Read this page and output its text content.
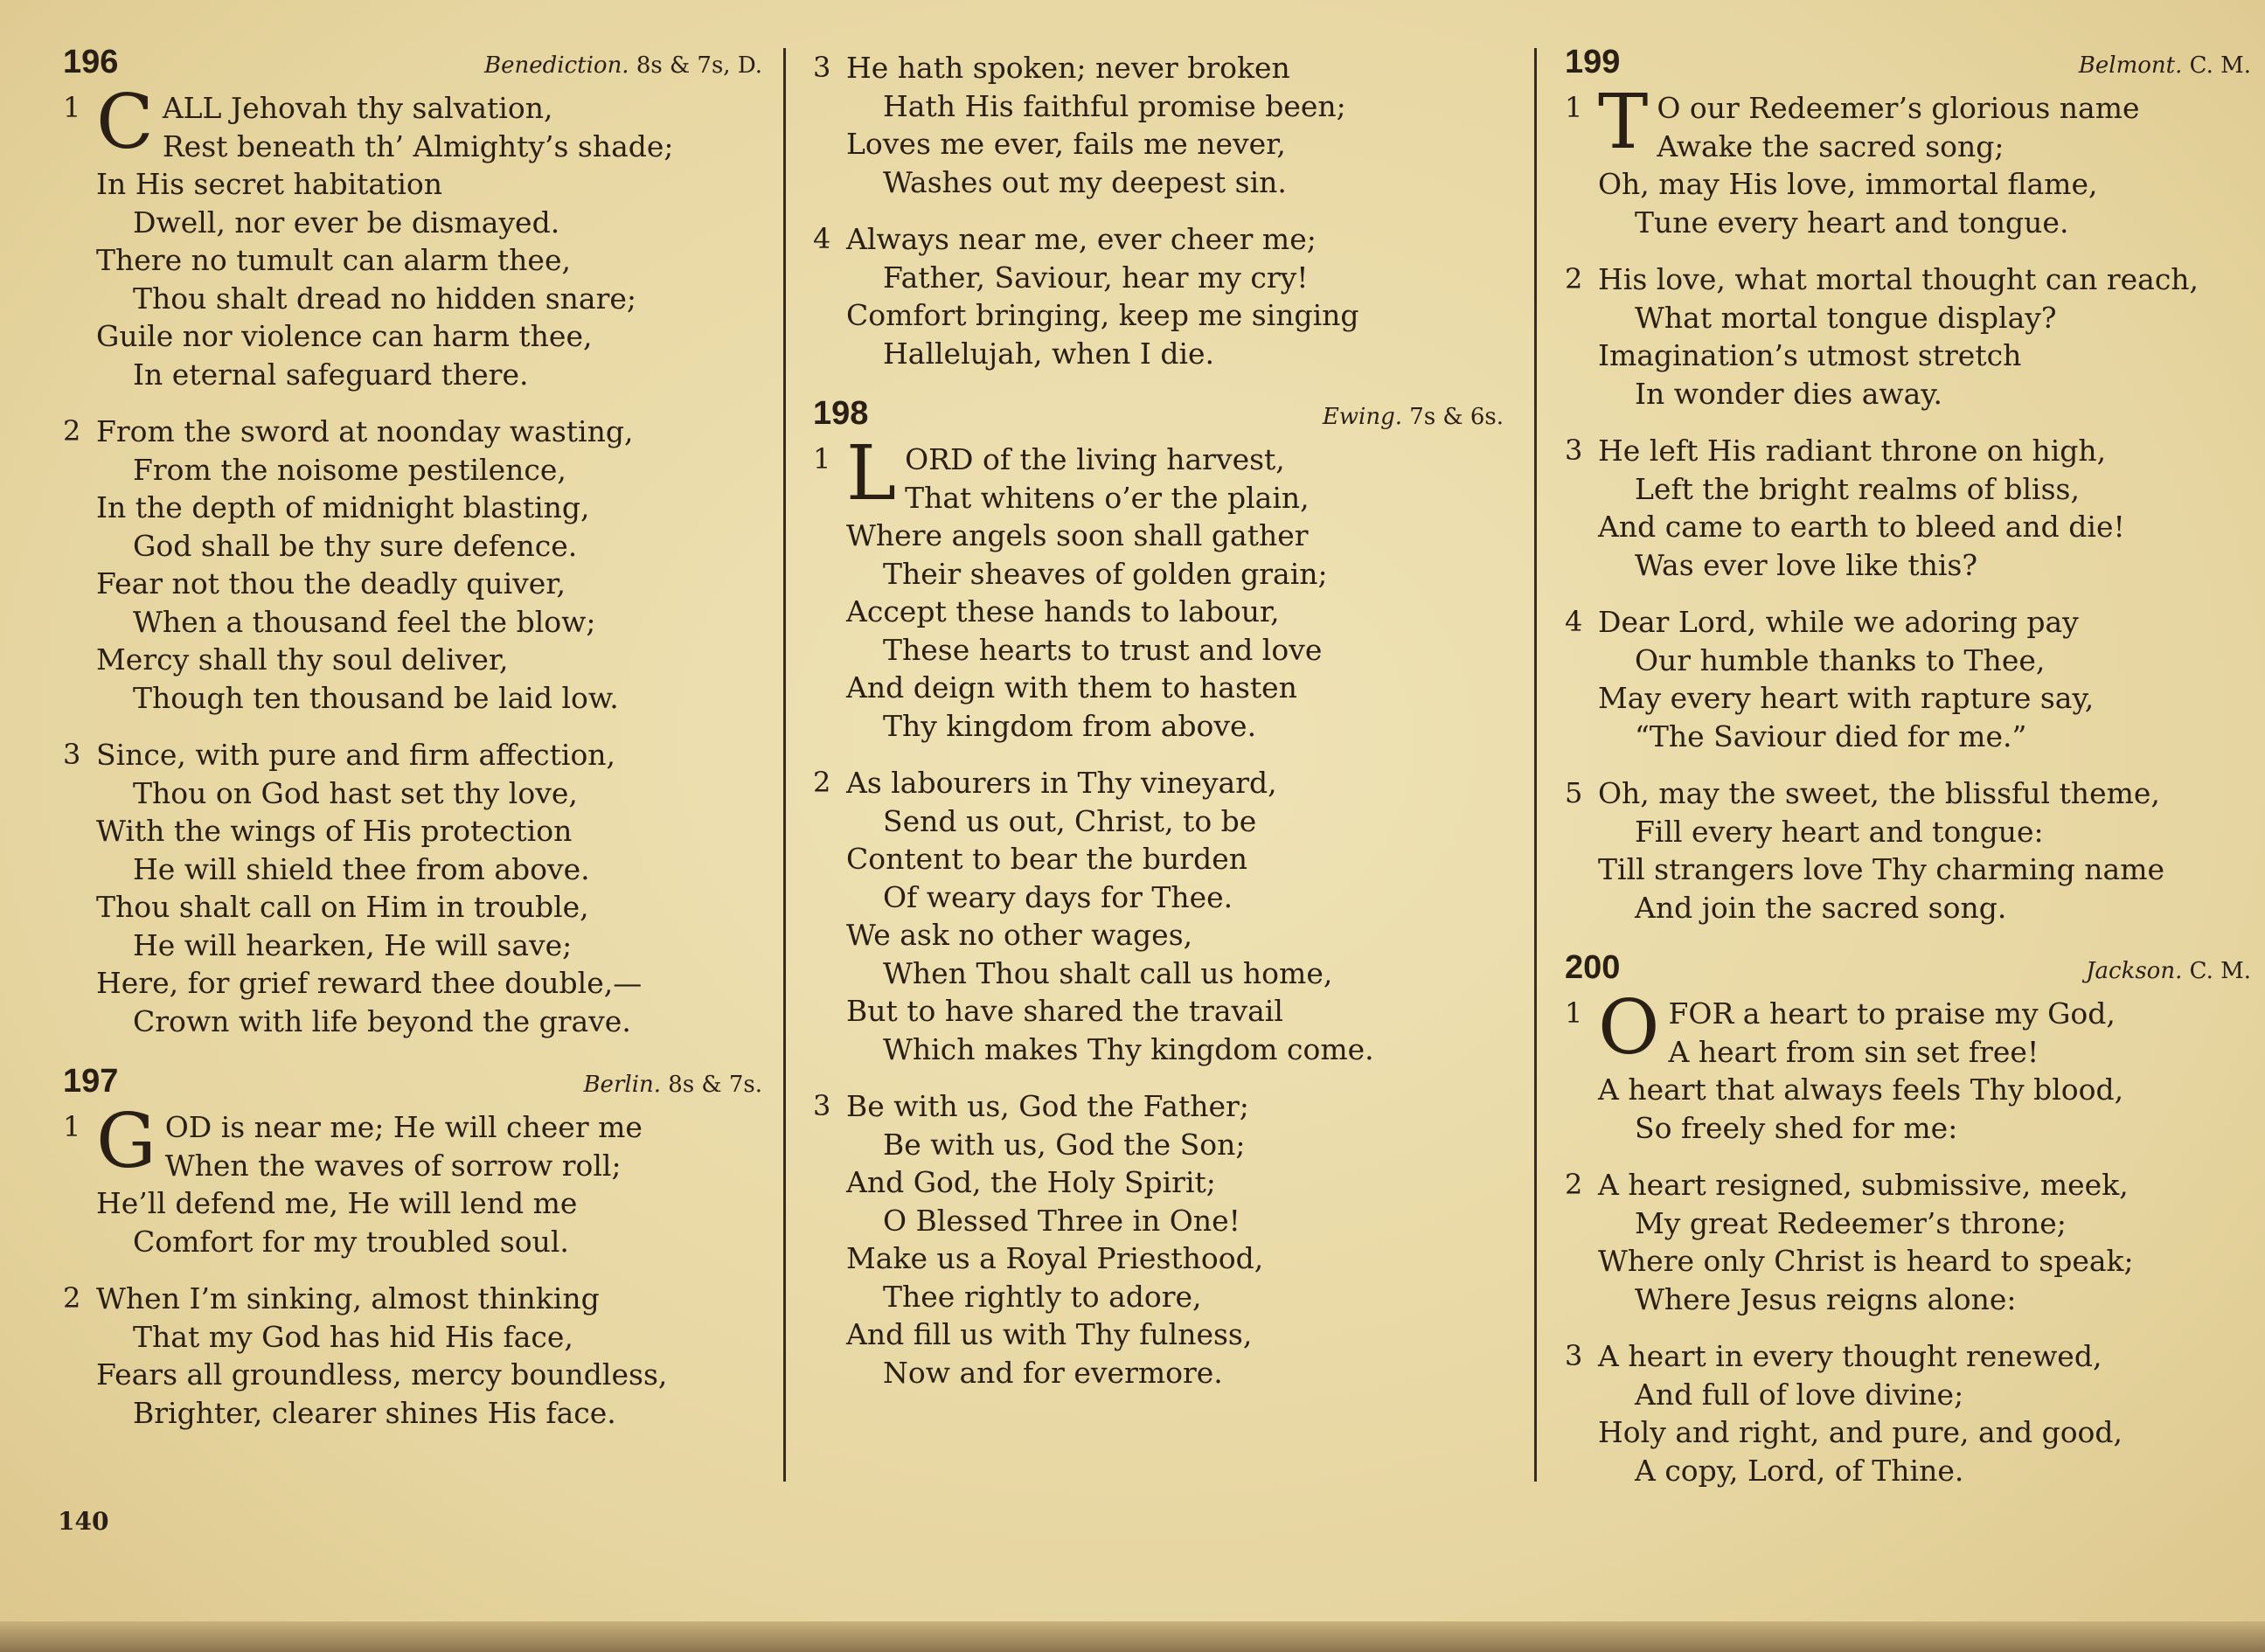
196	Benediction. 8s & 7s, D.
1 C ALL Jehovah thy salvation,
Rest beneath th’ Almighty’s shade;
In His secret habitation
Dwell, nor ever be dismayed.
There no tumult can alarm thee,
Thou shalt dread no hidden snare;
Guile nor violence can harm thee,
In eternal safeguard there.
2 From the sword at noonday wasting,
From the noisome pestilence,
In the depth of midnight blasting,
God shall be thy sure defence.
Fear not thou the deadly quiver,
When a thousand feel the blow;
Mercy shall thy soul deliver,
Though ten thousand be laid low.
3 Since, with pure and firm affection,
Thou on God hast set thy love,
With the wings of His protection
He will shield thee from above.
Thou shalt call on Him in trouble,
He will hearken, He will save;
Here, for grief reward thee double,—
Crown with life beyond the grave.
197	Berlin. 8s & 7s.
1 G OD is near me; He will cheer me
When the waves of sorrow roll;
He’ll defend me, He will lend me
Comfort for my troubled soul.
2 When I’m sinking, almost thinking
That my God has hid His face,
Fears all groundless, mercy boundless,
Brighter, clearer shines His face.
3 He hath spoken; never broken
Hath His faithful promise been;
Loves me ever, fails me never,
Washes out my deepest sin.
4 Always near me, ever cheer me;
Father, Saviour, hear my cry!
Comfort bringing, keep me singing
Hallelujah, when I die.
198	Ewing. 7s & 6s.
1 L ORD of the living harvest,
That whitens o’er the plain,
Where angels soon shall gather
Their sheaves of golden grain;
Accept these hands to labour,
These hearts to trust and love
And deign with them to hasten
Thy kingdom from above.
2 As labourers in Thy vineyard,
Send us out, Christ, to be
Content to bear the burden
Of weary days for Thee.
We ask no other wages,
When Thou shalt call us home,
But to have shared the travail
Which makes Thy kingdom come.
3 Be with us, God the Father;
Be with us, God the Son;
And God, the Holy Spirit;
O Blessed Three in One!
Make us a Royal Priesthood,
Thee rightly to adore,
And fill us with Thy fulness,
Now and for evermore.
199	Belmont. C. M.
1 T O our Redeemer’s glorious name
Awake the sacred song;
Oh, may His love, immortal flame,
Tune every heart and tongue.
2 His love, what mortal thought can reach,
What mortal tongue display?
Imagination’s utmost stretch
In wonder dies away.
3 He left His radiant throne on high,
Left the bright realms of bliss,
And came to earth to bleed and die!
Was ever love like this?
4 Dear Lord, while we adoring pay
Our humble thanks to Thee,
May every heart with rapture say,
“The Saviour died for me.”
5 Oh, may the sweet, the blissful theme,
Fill every heart and tongue:
Till strangers love Thy charming name
And join the sacred song.
200	Jackson. C. M.
1 O FOR a heart to praise my God,
A heart from sin set free!
A heart that always feels Thy blood,
So freely shed for me:
2 A heart resigned, submissive, meek,
My great Redeemer’s throne;
Where only Christ is heard to speak;
Where Jesus reigns alone:
3 A heart in every thought renewed,
And full of love divine;
Holy and right, and pure, and good,
A copy, Lord, of Thine.
140
